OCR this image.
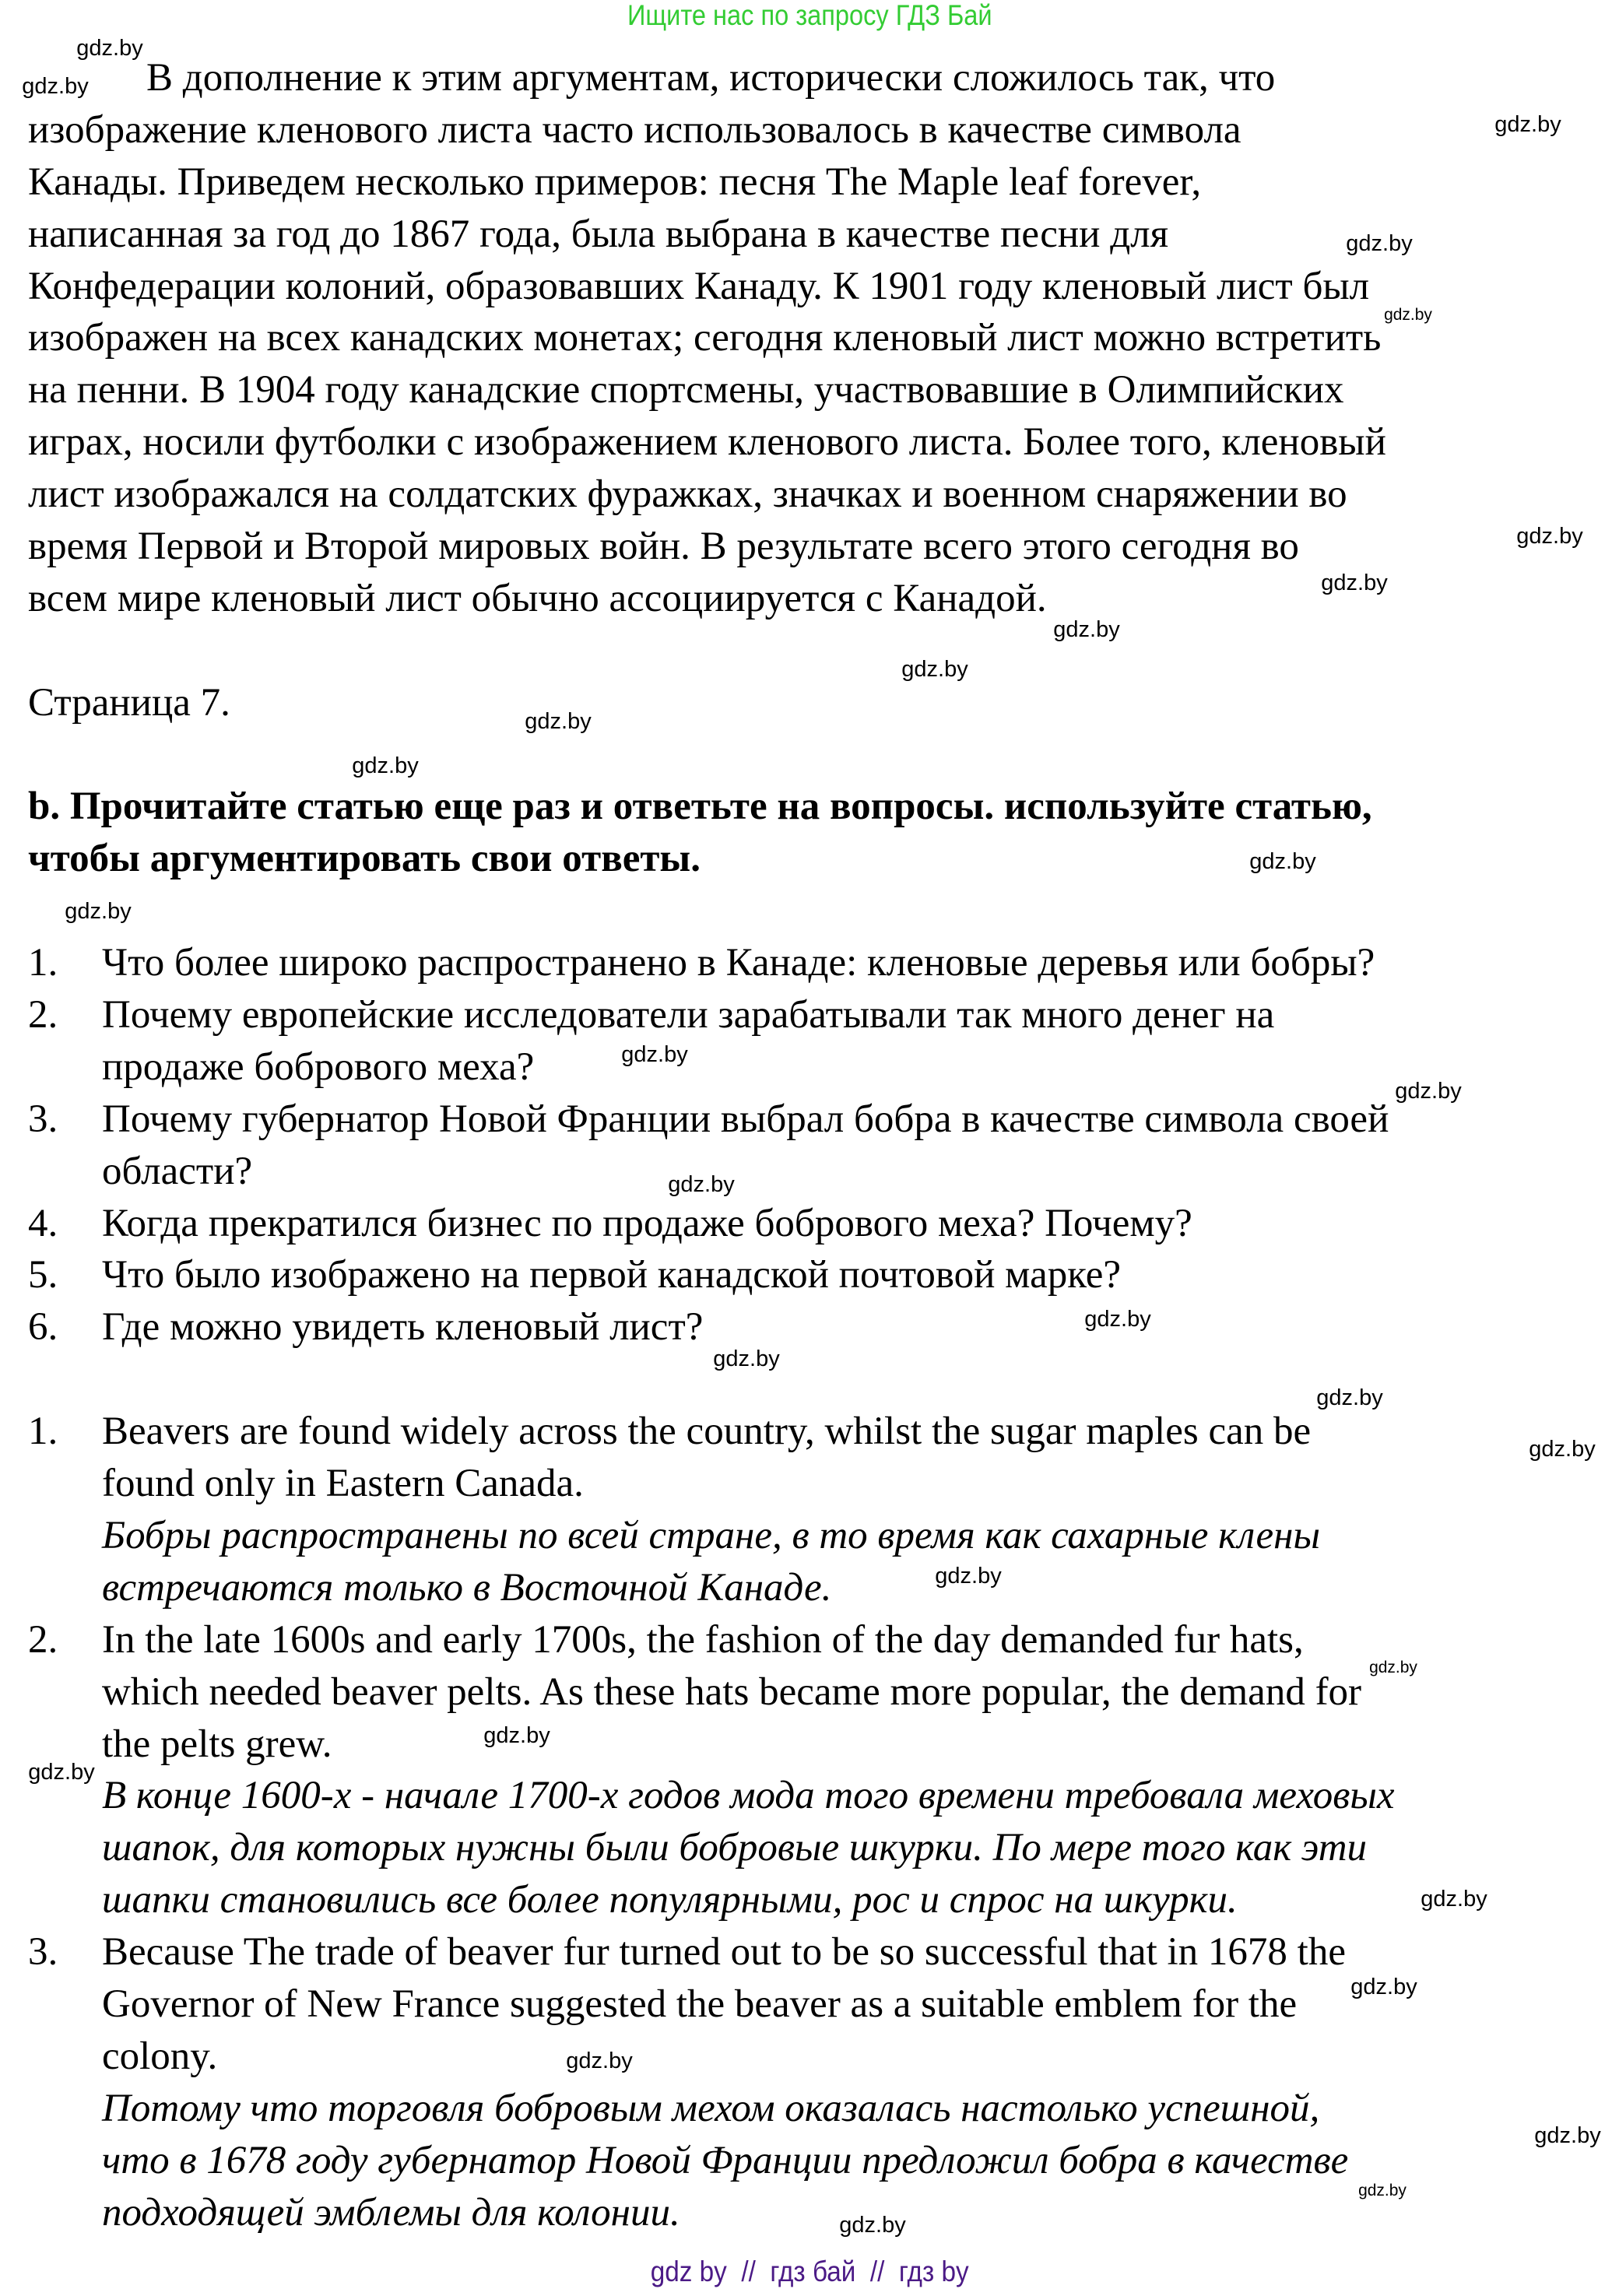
Ищите нас по запросу ГДЗ Бай
В дополнение к этим аргументам, исторически сложилось так, что
изображение кленового листа часто использовалось в качестве символа
Канады. Приведем несколько примеров: песня The Maple leaf forever,
написанная за год до 1867 года, была выбрана в качестве песни для
Конфедерации колоний, образовавших Канаду. К 1901 году кленовый лист был
изображен на всех канадских монетах; сегодня кленовый лист можно встретить
на пенни. В 1904 году канадские спортсмены, участвовавшие в Олимпийских
играх, носили футболки с изображением кленового листа. Более того, кленовый
лист изображался на солдатских фуражках, значках и военном снаряжении во
время Первой и Второй мировых войн. В результате всего этого сегодня во
всем мире кленовый лист обычно ассоциируется с Канадой.
Страница 7.
b. Прочитайте статью еще раз и ответьте на вопросы. используйте статью,
чтобы аргументировать свои ответы.
1. Что более широко распространено в Канаде: кленовые деревья или бобры?
2. Почему европейские исследователи зарабатывали так много денег на
продаже бобрового меха?
3. Почему губернатор Новой Франции выбрал бобра в качестве символа своей
области?
4. Когда прекратился бизнес по продаже бобрового меха? Почему?
5. Что было изображено на первой канадской почтовой марке?
6. Где можно увидеть кленовый лист?
1. Beavers are found widely across the country, whilst the sugar maples can be
found only in Eastern Canada.
Бобры распространены по всей стране, в то время как сахарные клены
встречаются только в Восточной Канаде.
2. In the late 1600s and early 1700s, the fashion of the day demanded fur hats,
which needed beaver pelts. As these hats became more popular, the demand for
the pelts grew.
В конце 1600-х - начале 1700-х годов мода того времени требовала меховых
шапок, для которых нужны были бобровые шкурки. По мере того как эти
шапки становились все более популярными, рос и спрос на шкурки.
3. Because The trade of beaver fur turned out to be so successful that in 1678 the
Governor of New France suggested the beaver as a suitable emblem for the
colony.
Потому что торговля бобровым мехом оказалась настолько успешной,
что в 1678 году губернатор Новой Франции предложил бобра в качестве
подходящей эмблемы для колонии.
gdz.by
gdz.by
gdz.by
gdz.by
gdz.by
gdz.by
gdz.by
gdz.by
gdz.by
gdz.by
gdz.by
gdz.by
gdz.by
gdz.by
gdz.by
gdz.by
gdz.by
gdz.by
gdz.by
gdz.by
gdz.by
gdz.by
gdz.by
gdz.by
gdz.by
gdz.by
gdz.by
gdz.by
gdz.by
gdz.by
gdz by  //  гдз бай  //  гдз by
